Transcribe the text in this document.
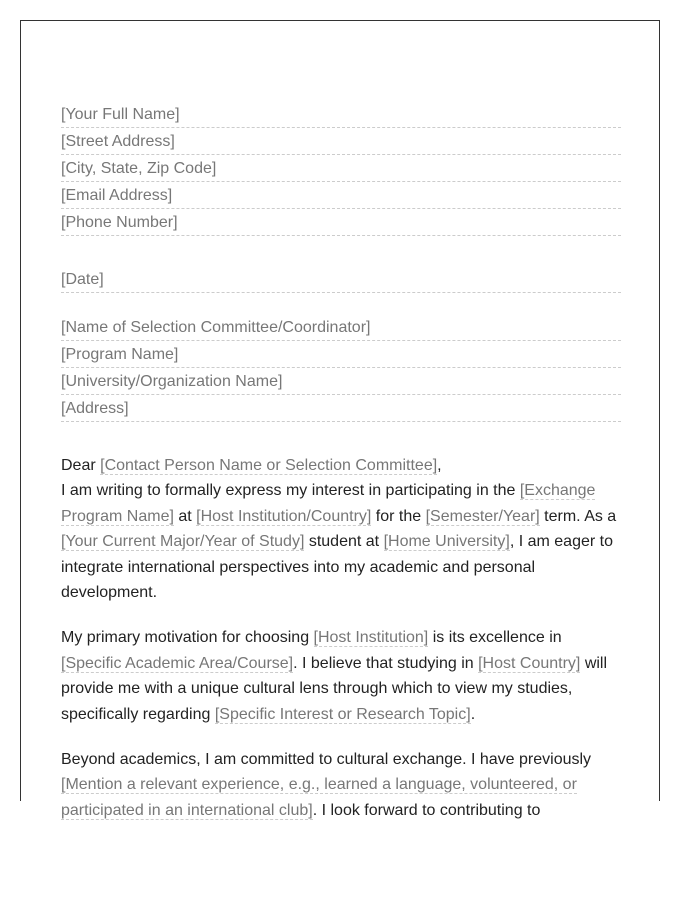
[Your Full Name]
[Street Address]
[City, State, Zip Code]
[Email Address]
[Phone Number]
[Date]
[Name of Selection Committee/Coordinator]
[Program Name]
[University/Organization Name]
[Address]

Dear [Contact Person Name or Selection Committee],

I am writing to formally express my interest in participating in the [Exchange Program Name] at [Host Institution/Country] for the [Semester/Year] term. As a [Your Current Major/Year of Study] student at [Home University], I am eager to integrate international perspectives into my academic and personal development.

My primary motivation for choosing [Host Institution] is its excellence in [Specific Academic Area/Course]. I believe that studying in [Host Country] will provide me with a unique cultural lens through which to view my studies, specifically regarding [Specific Interest or Research Topic].

Beyond academics, I am committed to cultural exchange. I have previously [Mention a relevant experience, e.g., learned a language, volunteered, or participated in an international club]. I look forward to contributing to
